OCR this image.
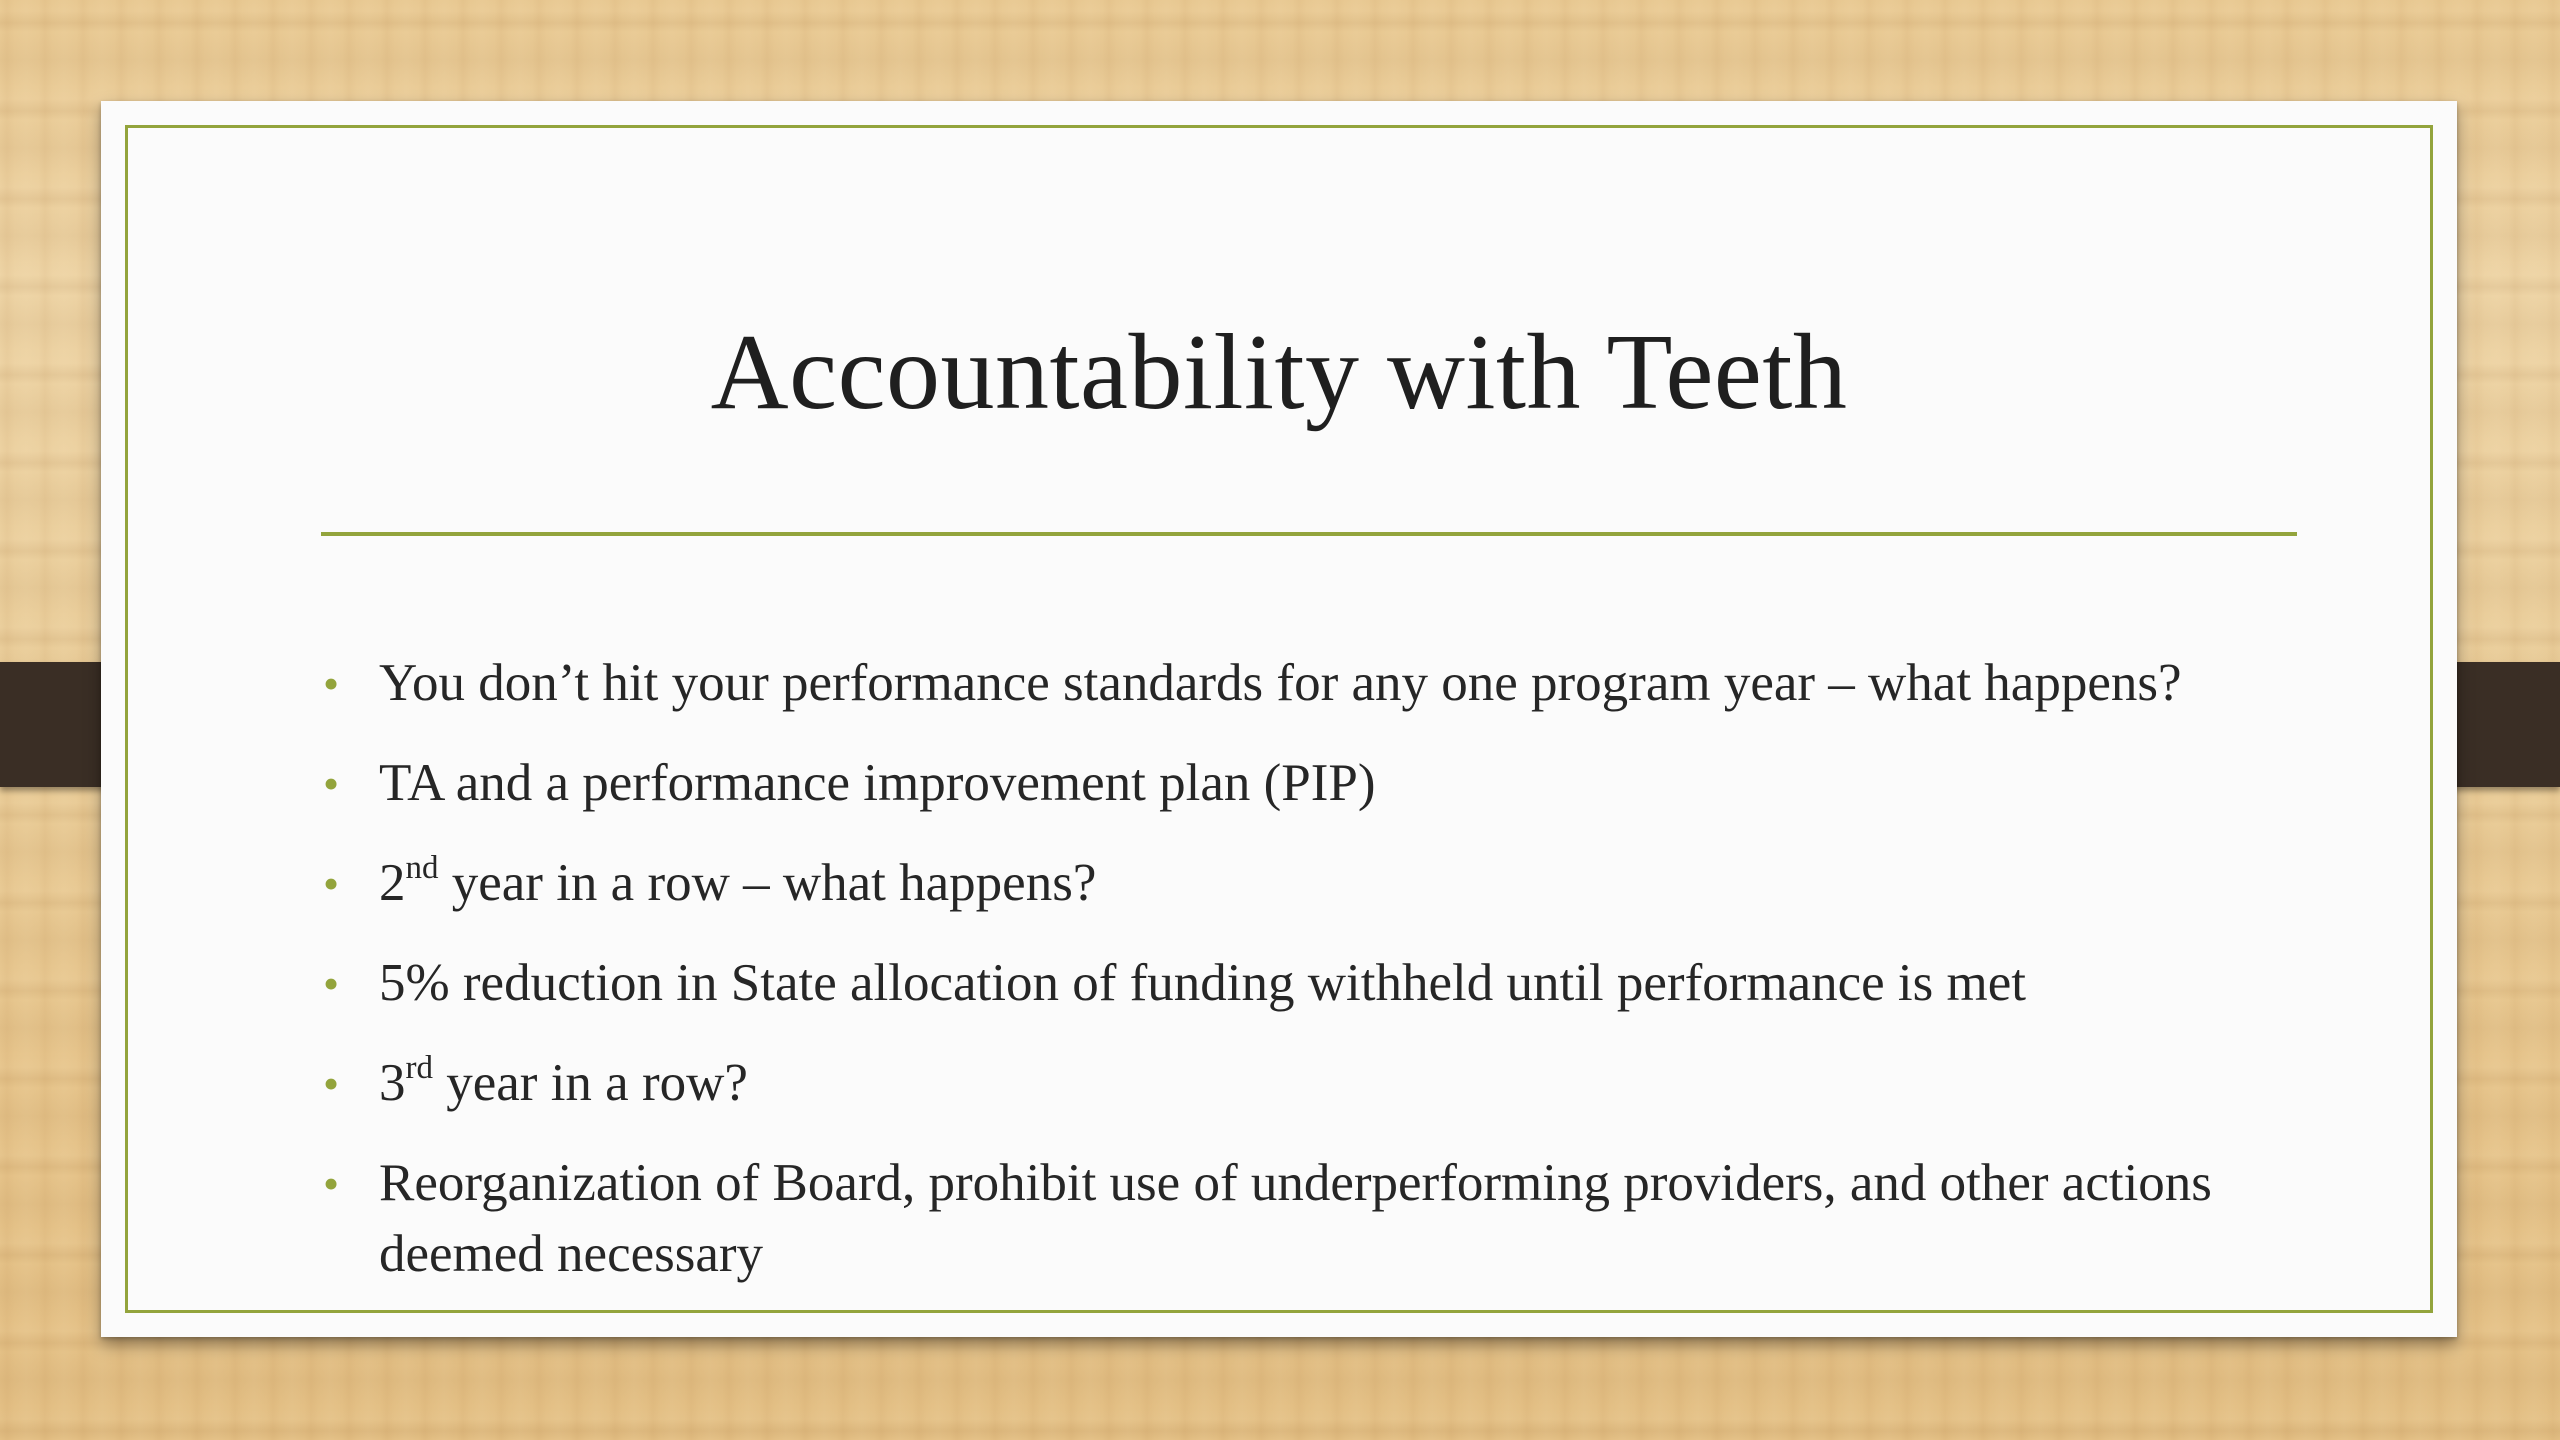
Accountability with Teeth
• You don’t hit your performance standards for any one program year – what happens?
• TA and a performance improvement plan (PIP)
• 2nd year in a row – what happens?
• 5% reduction in State allocation of funding withheld until performance is met
• 3rd year in a row?
• Reorganization of Board, prohibit use of underperforming providers, and other actions deemed necessary
